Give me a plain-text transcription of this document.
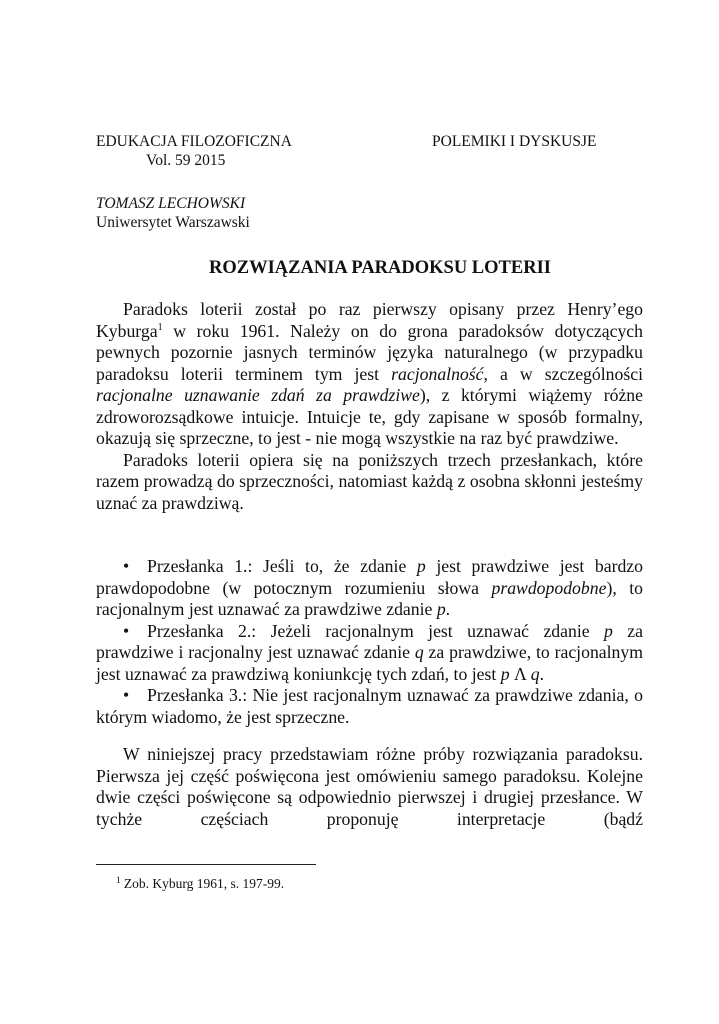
EDUKACJA FILOZOFICZNA	POLEMIKI I DYSKUSJE
Vol. 59 2015
TOMASZ LECHOWSKI
Uniwersytet Warszawski
ROZWIĄZANIA PARADOKSU LOTERII

Paradoks loterii został po raz pierwszy opisany przez Henry’ego Kyburga$^1$ w roku 1961. Należy on do grona paradoksów dotyczących pewnych pozornie jasnych terminów języka naturalnego (w przypadku paradoksu loterii terminem tym jest racjonalność, a w szczególności racjonalne uznawanie zdań za prawdziwe), z którymi wiążemy różne zdroworozsądkowe intuicje. Intuicje te, gdy zapisane w sposób formalny, okazują się sprzeczne, to jest - nie mogą wszystkie na raz być prawdziwe.

Paradoks loterii opiera się na poniższych trzech przesłankach, które razem prowadzą do sprzeczności, natomiast każdą z osobna skłonni jesteśmy uznać za prawdziwą.

• Przesłanka 1.: Jeśli to, że zdanie p jest prawdziwe jest bardzo prawdopodobne (w potocznym rozumieniu słowa prawdopodobne), to racjonalnym jest uznawać za prawdziwe zdanie p.

• Przesłanka 2.: Jeżeli racjonalnym jest uznawać zdanie p za prawdziwe i racjonalny jest uznawać zdanie q za prawdziwe, to racjonalnym jest uznawać za prawdziwą koniunkcję tych zdań, to jest p Λ q.

• Przesłanka 3.: Nie jest racjonalnym uznawać za prawdziwe zdania, o którym wiadomo, że jest sprzeczne.

W niniejszej pracy przedstawiam różne próby rozwiązania paradoksu. Pierwsza jej część poświęcona jest omówieniu samego paradoksu. Kolejne dwie części poświęcone są odpowiednio pierwszej i drugiej przesłance. W tychże częściach proponuję interpretacje (bądź

$^1$ Zob. Kyburg 1961, s. 197-99.
